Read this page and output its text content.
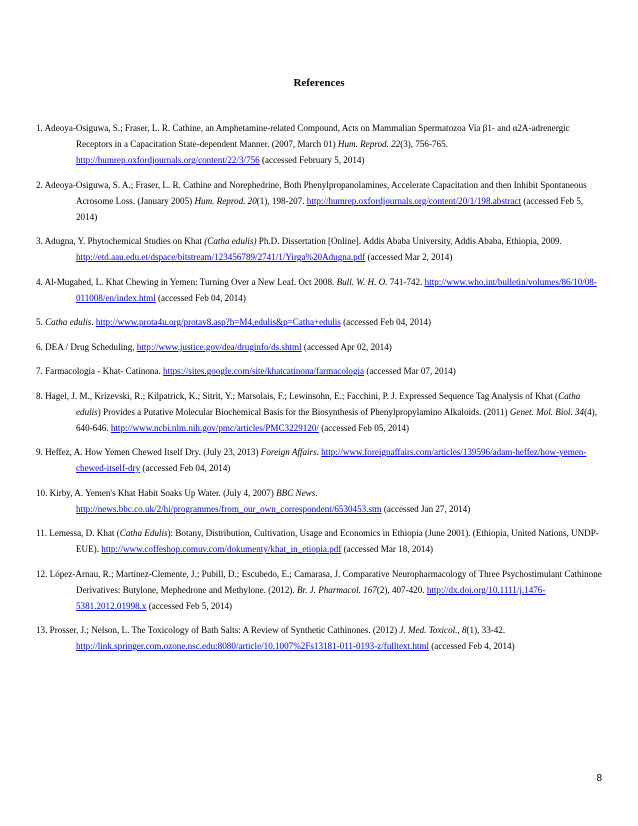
References

1. Adeoya-Osiguwa, S.; Fraser, L. R. Cathine, an Amphetamine-related Compound, Acts on Mammalian Spermatozoa Via β1- and α2A-adrenergic Receptors in a Capacitation State-dependent Manner. (2007, March 01) Hum. Reprod. 22(3), 756-765. http://humrep.oxfordjournals.org/content/22/3/756 (accessed February 5, 2014)

2. Adeoya-Osiguwa, S. A.; Fraser, L. R. Cathine and Norephedrine, Both Phenylpropanolamines, Accelerate Capacitation and then Inhibit Spontaneous Acrosome Loss. (January 2005) Hum. Reprod. 20(1), 198-207. http://humrep.oxfordjournals.org/content/20/1/198.abstract (accessed Feb 5, 2014)

3. Adugna, Y. Phytochemical Studies on Khat (Catha edulis) Ph.D. Dissertation [Online]. Addis Ababa University, Addis Ababa, Ethiopia, 2009. http://etd.aau.edu.et/dspace/bitstream/123456789/2741/1/Yirga%20Adugna.pdf (accessed Mar 2, 2014)

4. Al-Mugahed, L. Khat Chewing in Yemen: Turning Over a New Leaf. Oct 2008. Bull. W. H. O. 741-742. http://www.who.int/bulletin/volumes/86/10/08-011008/en/index.html (accessed Feb 04, 2014)

5. Catha edulis. http://www.prota4u.org/protav8.asp?h=M4,edulis&p=Catha+edulis (accessed Feb 04, 2014)

6. DEA / Drug Scheduling, http://www.justice.gov/dea/druginfo/ds.shtml (accessed Apr 02, 2014)

7. Farmacologia - Khat- Catinona. https://sites.google.com/site/khatcatinona/farmacologia (accessed Mar 07, 2014)

8. Hagel, J. M., Krizevski, R.; Kilpatrick, K.; Sitrit, Y.; Marsolais, F.; Lewinsohn, E.; Facchini, P. J. Expressed Sequence Tag Analysis of Khat (Catha edulis) Provides a Putative Molecular Biochemical Basis for the Biosynthesis of Phenylpropylamino Alkaloids. (2011) Genet. Mol. Biol. 34(4), 640-646. http://www.ncbi.nlm.nih.gov/pmc/articles/PMC3229120/ (accessed Feb 05, 2014)

9. Heffez, A. How Yemen Chewed Itself Dry. (July 23, 2013) Foreign Affairs. http://www.foreignaffairs.com/articles/139596/adam-heffez/how-yemen-chewed-itself-dry (accessed Feb 04, 2014)

10. Kirby, A. Yemen's Khat Habit Soaks Up Water. (July 4, 2007) BBC News. http://news.bbc.co.uk/2/hi/programmes/from_our_own_correspondent/6530453.stm (accessed Jan 27, 2014)

11. Lemessa, D. Khat (Catha Edulis): Botany, Distribution, Cultivation, Usage and Economics in Ethiopia (June 2001). (Ethiopia, United Nations, UNDP-EUE). http://www.coffeshop.comuv.com/dokumenty/khat_in_etiopia.pdf (accessed Mar 18, 2014)

12. López-Arnau, R.; Martínez-Clemente, J.; Pubill, D.; Escubedo, E.; Camarasa, J. Comparative Neuropharmacology of Three Psychostimulant Cathinone Derivatives: Butylone, Mephedrone and Methylone. (2012). Br. J. Pharmacol. 167(2), 407-420. http://dx.doi.org/10.1111/j.1476-5381.2012.01998.x (accessed Feb 5, 2014)

13. Prosser, J.; Nelson, L. The Toxicology of Bath Salts: A Review of Synthetic Cathinones. (2012) J. Med. Toxicol., 8(1), 33-42. http://link.springer.com.ozone.nsc.edu:8080/article/10.1007%2Fs13181-011-0193-z/fulltext.html (accessed Feb 4, 2014)

8
